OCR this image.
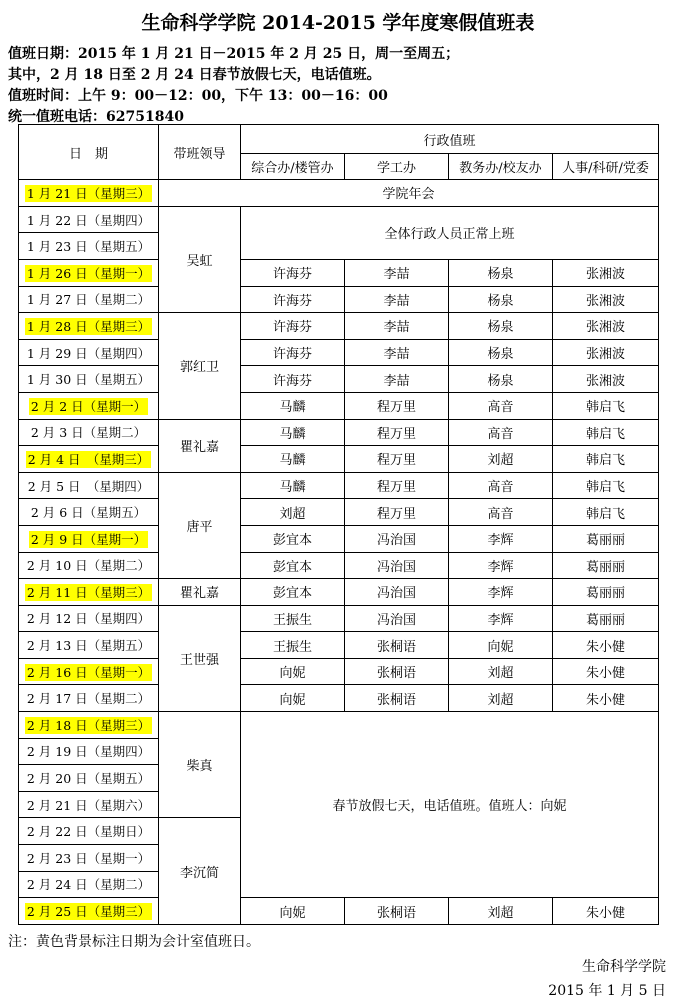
生命科学学院 2014-2015 学年度寒假值班表
值班日期：2015 年 1 月 21 日－2015 年 2 月 25 日，周一至周五；
其中，2 月 18 日至 2 月 24 日春节放假七天，电话值班。
值班时间：上午 9：00－12：00，下午 13：00－16：00
统一值班电话：62751840
日　期	带班领导	行政值班			
		综合办/楼管办	学工办	教务办/校友办	人事/科研/党委
1 月 21 日（星期三）	学院年会				
1 月 22 日（星期四）	吴虹	全体行政人员正常上班			
1 月 23 日（星期五）					
1 月 26 日（星期一）		许海芬	李喆	杨泉	张湘波
1 月 27 日（星期二）		许海芬	李喆	杨泉	张湘波
1 月 28 日（星期三）	郭红卫	许海芬	李喆	杨泉	张湘波
1 月 29 日（星期四）		许海芬	李喆	杨泉	张湘波
1 月 30 日（星期五）		许海芬	李喆	杨泉	张湘波
2 月 2 日（星期一）		马麟	程万里	高音	韩启飞
2 月 3 日（星期二）	瞿礼嘉	马麟	程万里	高音	韩启飞
2 月 4 日　（星期三）		马麟	程万里	刘超	韩启飞
2 月 5 日　（星期四）	唐平	马麟	程万里	高音	韩启飞
2 月 6 日（星期五）		刘超	程万里	高音	韩启飞
2 月 9 日（星期一）		彭宜本	冯治国	李辉	葛丽丽
2 月 10 日（星期二）		彭宜本	冯治国	李辉	葛丽丽
2 月 11 日（星期三）	瞿礼嘉	彭宜本	冯治国	李辉	葛丽丽
2 月 12 日（星期四）	王世强	王振生	冯治国	李辉	葛丽丽
2 月 13 日（星期五）		王振生	张桐语	向妮	朱小健
2 月 16 日（星期一）		向妮	张桐语	刘超	朱小健
2 月 17 日（星期二）		向妮	张桐语	刘超	朱小健
2 月 18 日（星期三）	柴真	春节放假七天，电话值班。值班人：向妮			
2 月 19 日（星期四）					
2 月 20 日（星期五）					
2 月 21 日（星期六）					
2 月 22 日（星期日）	李沉简				
2 月 23 日（星期一）					
2 月 24 日（星期二）					
2 月 25 日（星期三）		向妮	张桐语	刘超	朱小健
注：黄色背景标注日期为会计室值班日。
生命科学学院
2015 年 1 月 5 日
